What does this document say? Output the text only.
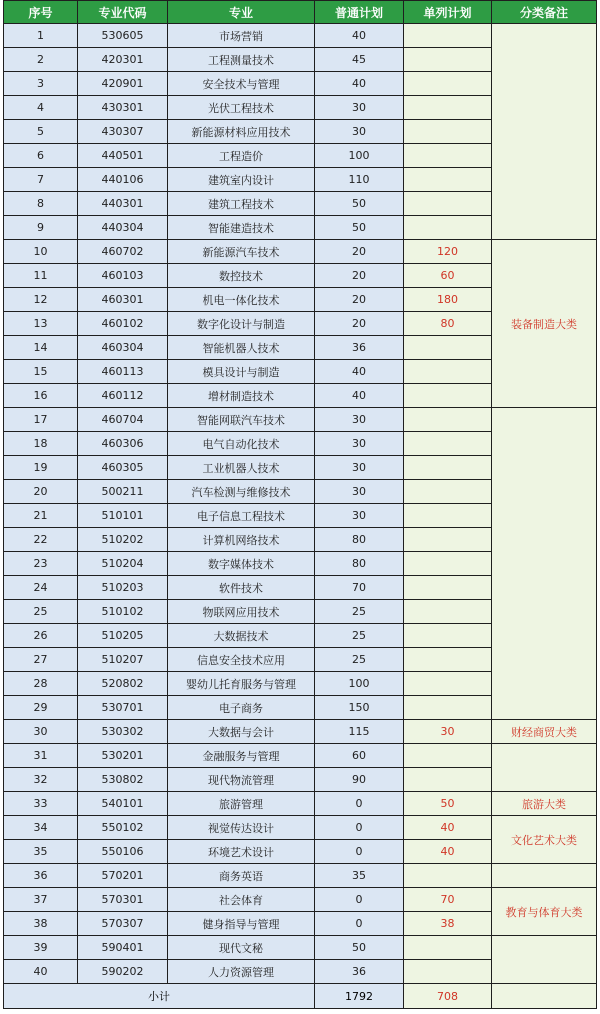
序号	专业代码	专业	普通计划	单列计划	分类备注
1	530605	市场营销	40		
2	420301	工程测量技术	45		
3	420901	安全技术与管理	40		
4	430301	光伏工程技术	30		
5	430307	新能源材料应用技术	30		
6	440501	工程造价	100		
7	440106	建筑室内设计	110		
8	440301	建筑工程技术	50		
9	440304	智能建造技术	50		
10	460702	新能源汽车技术	20	120	装备制造大类
11	460103	数控技术	20	60	
12	460301	机电一体化技术	20	180	
13	460102	数字化设计与制造	20	80	
14	460304	智能机器人技术	36		
15	460113	模具设计与制造	40		
16	460112	增材制造技术	40		
17	460704	智能网联汽车技术	30		
18	460306	电气自动化技术	30		
19	460305	工业机器人技术	30		
20	500211	汽车检测与维修技术	30		
21	510101	电子信息工程技术	30		
22	510202	计算机网络技术	80		
23	510204	数字媒体技术	80		
24	510203	软件技术	70		
25	510102	物联网应用技术	25		
26	510205	大数据技术	25		
27	510207	信息安全技术应用	25		
28	520802	婴幼儿托育服务与管理	100		
29	530701	电子商务	150		
30	530302	大数据与会计	115	30	财经商贸大类
31	530201	金融服务与管理	60		
32	530802	现代物流管理	90		
33	540101	旅游管理	0	50	旅游大类
34	550102	视觉传达设计	0	40	文化艺术大类
35	550106	环境艺术设计	0	40	
36	570201	商务英语	35		
37	570301	社会体育	0	70	教育与体育大类
38	570307	健身指导与管理	0	38	
39	590401	现代文秘	50		
40	590202	人力资源管理	36		
小计			1792	708	
